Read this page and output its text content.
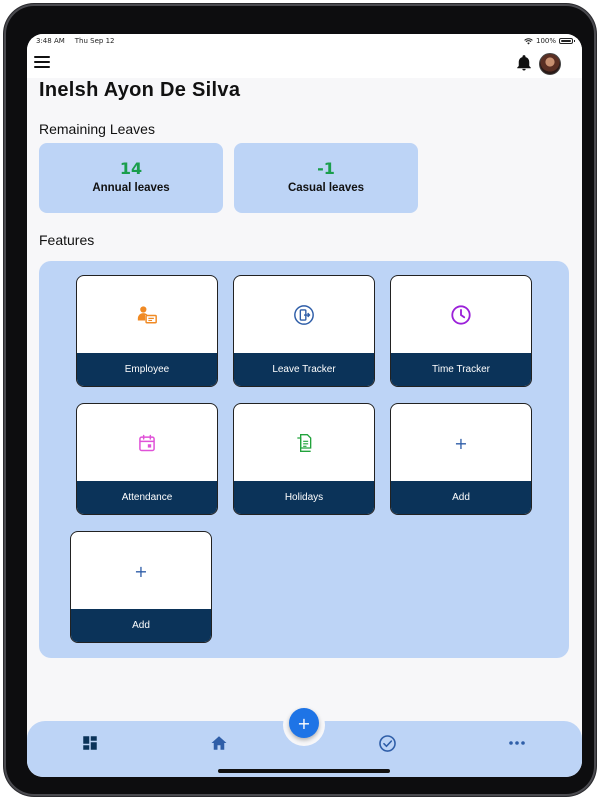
3:48 AM Thu Sep 12	100%
Inelsh Ayon De Silva
Remaining Leaves
14
Annual leaves
-1
Casual leaves
Features
Employee	Leave Tracker	Time Tracker
Attendance	Holidays
+
Add
+
Add
+
